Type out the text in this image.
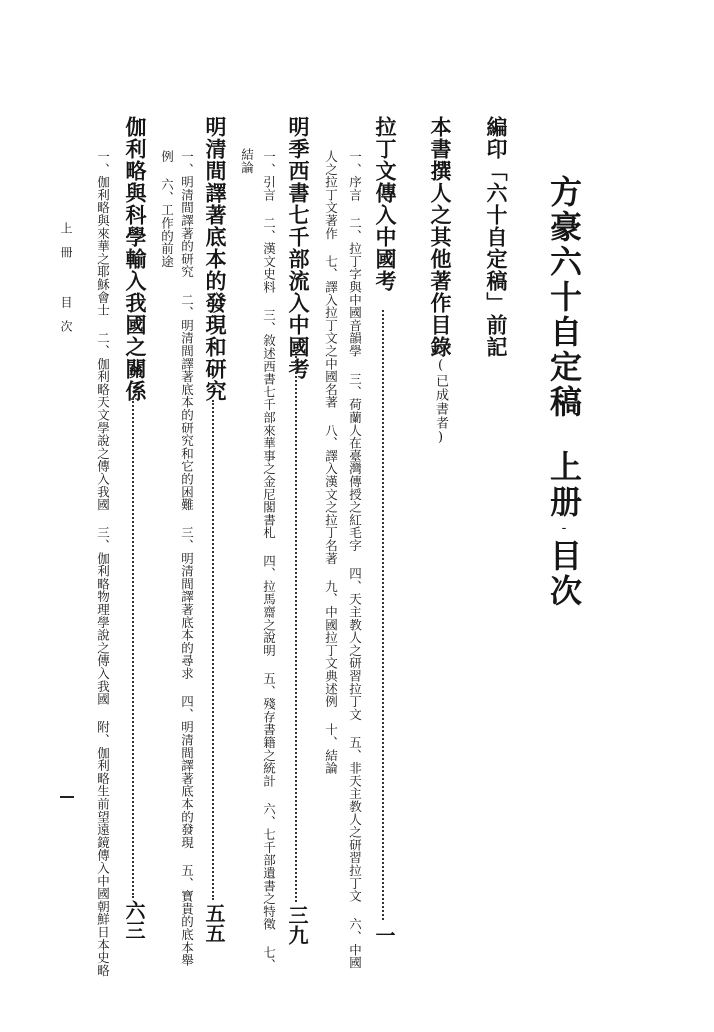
方豪六十自定稿上册-目次
編印「六十自定稿」前記
本書撰人之其他著作目錄(已成書者)
拉丁文傳入中國考
一
一、序言 二、拉丁字與中國音韻學 三、荷蘭人在臺灣傳授之紅毛字 四、天主教人之研習拉丁文 五、非天主教人之研習拉丁文 六、中國
人之拉丁文著作 七、譯入拉丁文之中國名著 八、譯入漢文之拉丁名著 九、中國拉丁文典述例 十、結論
明季西書七千部流入中國考
三九
一、引言 二、漢文史料 三、敘述西書七千部來華事之金尼閣書札 四、拉馬齋之說明 五、殘存書籍之統計 六、七千部遺書之特徵 七、
結論
明清間譯著底本的發現和研究
五五
一、明清間譯著的研究 二、明清間譯著底本的研究和它的困難 三、明清間譯著底本的尋求 四、明清間譯著底本的發現 五、寶貴的底本舉
例 六、工作的前途
伽利略與科學輸入我國之關係
六三
一、伽利略與來華之耶穌會士 二、伽利略天文學說之傳入我國 三、伽利略物理學說之傳入我國 附、伽利略生前望遠鏡傳入中國朝鮮日本史略
上冊 目次
